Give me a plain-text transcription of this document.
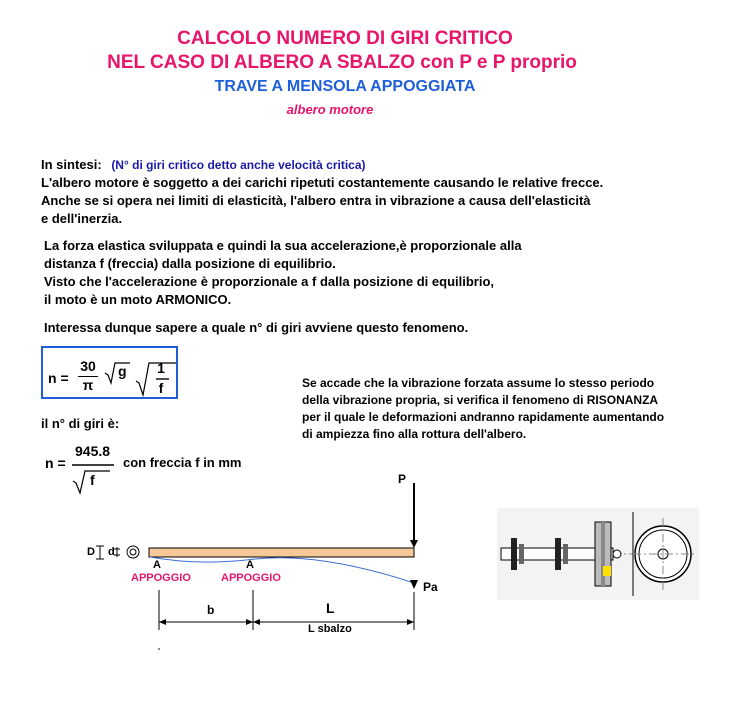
CALCOLO NUMERO DI GIRI CRITICO
NEL CASO DI ALBERO A SBALZO con P e P proprio
TRAVE A MENSOLA APPOGGIATA
albero motore
In sintesi: (N° di giri critico detto anche velocità critica)
L'albero motore è soggetto a dei carichi ripetuti costantemente causando le relative frecce.
Anche se si opera nei limiti di elasticità, l'albero entra in vibrazione a causa dell'elasticità
e dell'inerzia.
La forza elastica sviluppata e quindi la sua accelerazione,è proporzionale alla
distanza f (freccia) dalla posizione di equilibrio.
Visto che l'accelerazione è proporzionale a f dalla posizione di equilibrio,
il moto è un moto ARMONICO.
Interessa dunque sapere a quale n° di giri avviene questo fenomeno.
n =
30
π
g 1
f	Se accade che la vibrazione forzata assume lo stesso periodo
della vibrazione propria, si verifica il fenomeno di RISONANZA
per il quale le deformazioni andranno rapidamente aumentando
di ampiezza fino alla rottura dell'albero.
il n° di giri è:
n =
945.8
f
con freccia f in mm
P
Pa
D d
A
APPOGGIO
A
APPOGGIO
b	L
L sbalzo
